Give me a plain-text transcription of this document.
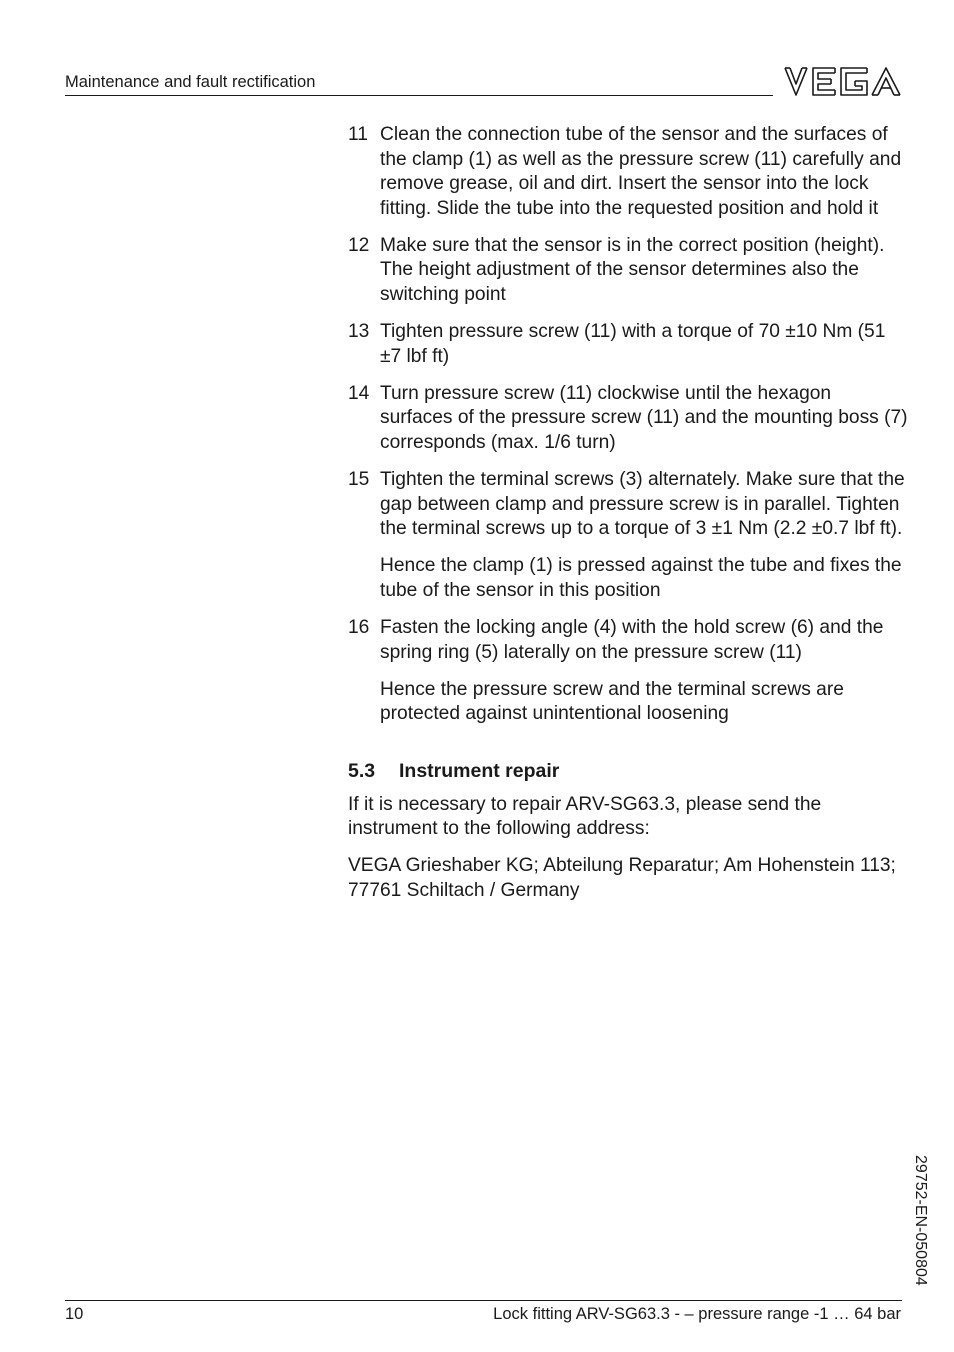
Maintenance and fault rectification
11 Clean the connection tube of the sensor and the surfaces of the clamp (1) as well as the pressure screw (11) carefully and remove grease, oil and dirt. Insert the sensor into the lock fitting. Slide the tube into the requested position and hold it

12 Make sure that the sensor is in the correct position (height). The height adjustment of the sensor determines also the switching point

13 Tighten pressure screw (11) with a torque of 70 ±10 Nm (51 ±7 lbf ft)

14 Turn pressure screw (11) clockwise until the hexagon surfaces of the pressure screw (11) and the mounting boss (7) corresponds (max. 1/6 turn)

15 Tighten the terminal screws (3) alternately. Make sure that the gap between clamp and pressure screw is in parallel. Tighten the terminal screws up to a torque of 3 ±1 Nm (2.2 ±0.7 lbf ft).

Hence the clamp (1) is pressed against the tube and fixes the tube of the sensor in this position

16 Fasten the locking angle (4) with the hold screw (6) and the spring ring (5) laterally on the pressure screw (11)

Hence the pressure screw and the terminal screws are protected against unintentional loosening

5.3	Instrument repair

If it is necessary to repair ARV-SG63.3, please send the instrument to the following address:

VEGA Grieshaber KG; Abteilung Reparatur; Am Hohenstein 113; 77761 Schiltach / Germany

29752-EN-050804
10	Lock fitting ARV-SG63.3 - – pressure range -1 … 64 bar
